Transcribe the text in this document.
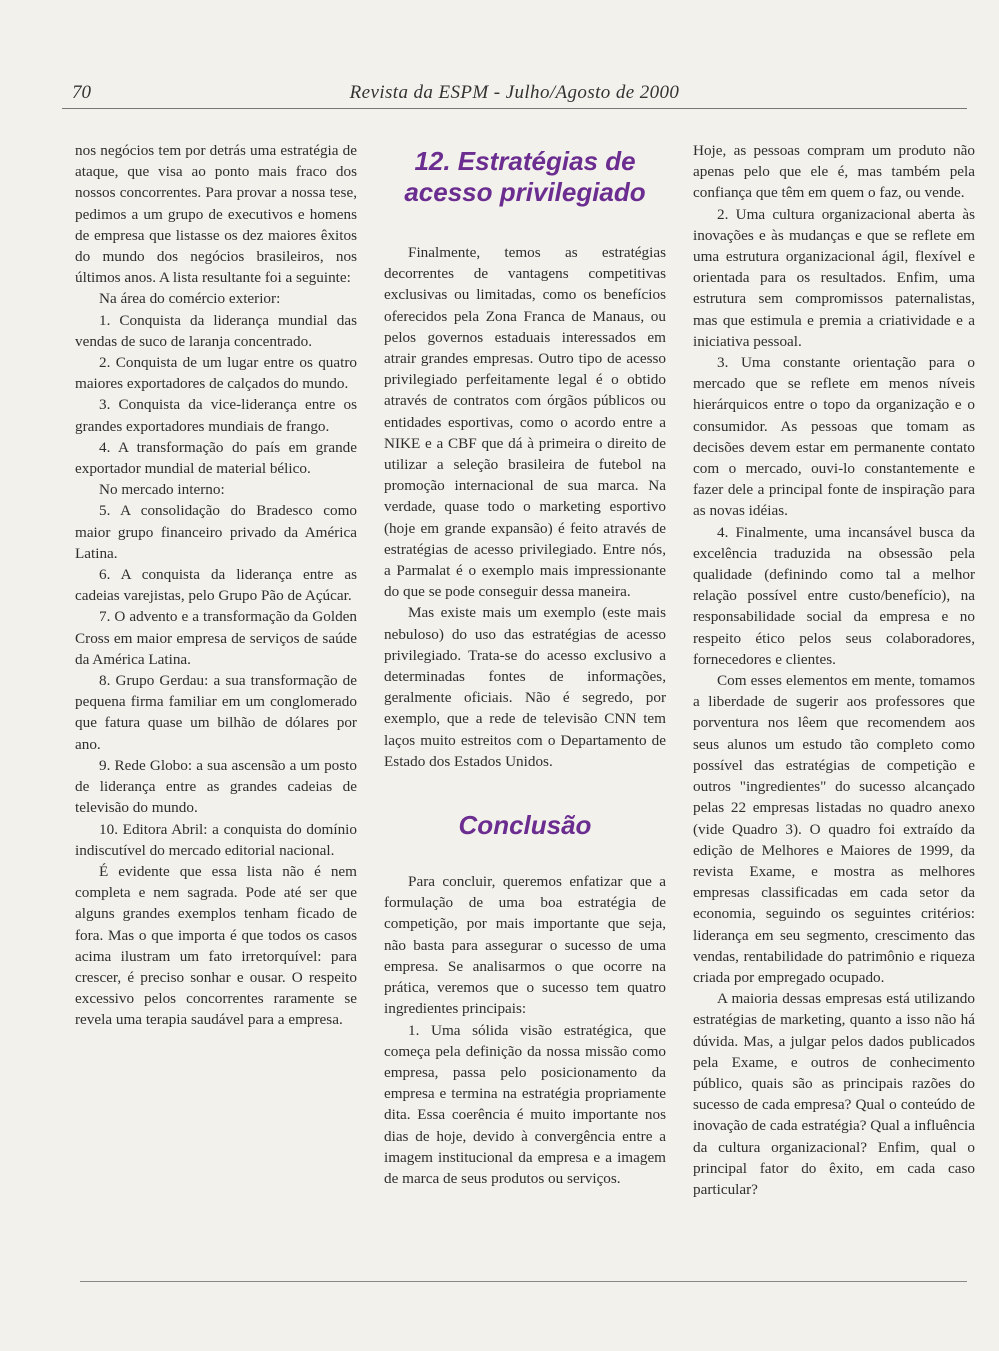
70	Revista da ESPM - Julho/Agosto de 2000

nos negócios tem por detrás uma estratégia de ataque, que visa ao ponto mais fraco dos nossos concorrentes. Para provar a nossa tese, pedimos a um grupo de executivos e homens de empresa que listasse os dez maiores êxitos do mundo dos negócios brasileiros, nos últimos anos. A lista resultante foi a seguinte:

Na área do comércio exterior:

1. Conquista da liderança mundial das vendas de suco de laranja concentrado.

2. Conquista de um lugar entre os quatro maiores exportadores de calçados do mundo.

3. Conquista da vice-liderança entre os grandes exportadores mundiais de frango.

4. A transformação do país em grande exportador mundial de material bélico.

No mercado interno:

5. A consolidação do Bradesco como maior grupo financeiro privado da América Latina.

6. A conquista da liderança entre as cadeias varejistas, pelo Grupo Pão de Açúcar.

7. O advento e a transformação da Golden Cross em maior empresa de serviços de saúde da América Latina.

8. Grupo Gerdau: a sua transformação de pequena firma familiar em um conglomerado que fatura quase um bilhão de dólares por ano.

9. Rede Globo: a sua ascensão a um posto de liderança entre as grandes cadeias de televisão do mundo.

10. Editora Abril: a conquista do domínio indiscutível do mercado editorial nacional.

É evidente que essa lista não é nem completa e nem sagrada. Pode até ser que alguns grandes exemplos tenham ficado de fora. Mas o que importa é que todos os casos acima ilustram um fato irretorquível: para crescer, é preciso sonhar e ousar. O respeito excessivo pelos concorrentes raramente se revela uma terapia saudável para a empresa.

12. Estratégias de acesso privilegiado

Finalmente, temos as estratégias decorrentes de vantagens competitivas exclusivas ou limitadas, como os benefícios oferecidos pela Zona Franca de Manaus, ou pelos governos estaduais interessados em atrair grandes empresas. Outro tipo de acesso privilegiado perfeitamente legal é o obtido através de contratos com órgãos públicos ou entidades esportivas, como o acordo entre a NIKE e a CBF que dá à primeira o direito de utilizar a seleção brasileira de futebol na promoção internacional de sua marca. Na verdade, quase todo o marketing esportivo (hoje em grande expansão) é feito através de estratégias de acesso privilegiado. Entre nós, a Parmalat é o exemplo mais impressionante do que se pode conseguir dessa maneira.

Mas existe mais um exemplo (este mais nebuloso) do uso das estratégias de acesso privilegiado. Trata-se do acesso exclusivo a determinadas fontes de informações, geralmente oficiais. Não é segredo, por exemplo, que a rede de televisão CNN tem laços muito estreitos com o Departamento de Estado dos Estados Unidos.

Conclusão

Para concluir, queremos enfatizar que a formulação de uma boa estratégia de competição, por mais importante que seja, não basta para assegurar o sucesso de uma empresa. Se analisarmos o que ocorre na prática, veremos que o sucesso tem quatro ingredientes principais:

1. Uma sólida visão estratégica, que começa pela definição da nossa missão como empresa, passa pelo posicionamento da empresa e termina na estratégia propriamente dita. Essa coerência é muito importante nos dias de hoje, devido à convergência entre a imagem institucional da empresa e a imagem de marca de seus produtos ou serviços.

Hoje, as pessoas compram um produto não apenas pelo que ele é, mas também pela confiança que têm em quem o faz, ou vende.

2. Uma cultura organizacional aberta às inovações e às mudanças e que se reflete em uma estrutura organizacional ágil, flexível e orientada para os resultados. Enfim, uma estrutura sem compromissos paternalistas, mas que estimula e premia a criatividade e a iniciativa pessoal.

3. Uma constante orientação para o mercado que se reflete em menos níveis hierárquicos entre o topo da organização e o consumidor. As pessoas que tomam as decisões devem estar em permanente contato com o mercado, ouvi-lo constantemente e fazer dele a principal fonte de inspiração para as novas idéias.

4. Finalmente, uma incansável busca da excelência traduzida na obsessão pela qualidade (definindo como tal a melhor relação possível entre custo/benefício), na responsabilidade social da empresa e no respeito ético pelos seus colaboradores, fornecedores e clientes.

Com esses elementos em mente, tomamos a liberdade de sugerir aos professores que porventura nos lêem que recomendem aos seus alunos um estudo tão completo como possível das estratégias de competição e outros "ingredientes" do sucesso alcançado pelas 22 empresas listadas no quadro anexo (vide Quadro 3). O quadro foi extraído da edição de Melhores e Maiores de 1999, da revista Exame, e mostra as melhores empresas classificadas em cada setor da economia, seguindo os seguintes critérios: liderança em seu segmento, crescimento das vendas, rentabilidade do patrimônio e riqueza criada por empregado ocupado.

A maioria dessas empresas está utilizando estratégias de marketing, quanto a isso não há dúvida. Mas, a julgar pelos dados publicados pela Exame, e outros de conhecimento público, quais são as principais razões do sucesso de cada empresa? Qual o conteúdo de inovação de cada estratégia? Qual a influência da cultura organizacional? Enfim, qual o principal fator do êxito, em cada caso particular?
